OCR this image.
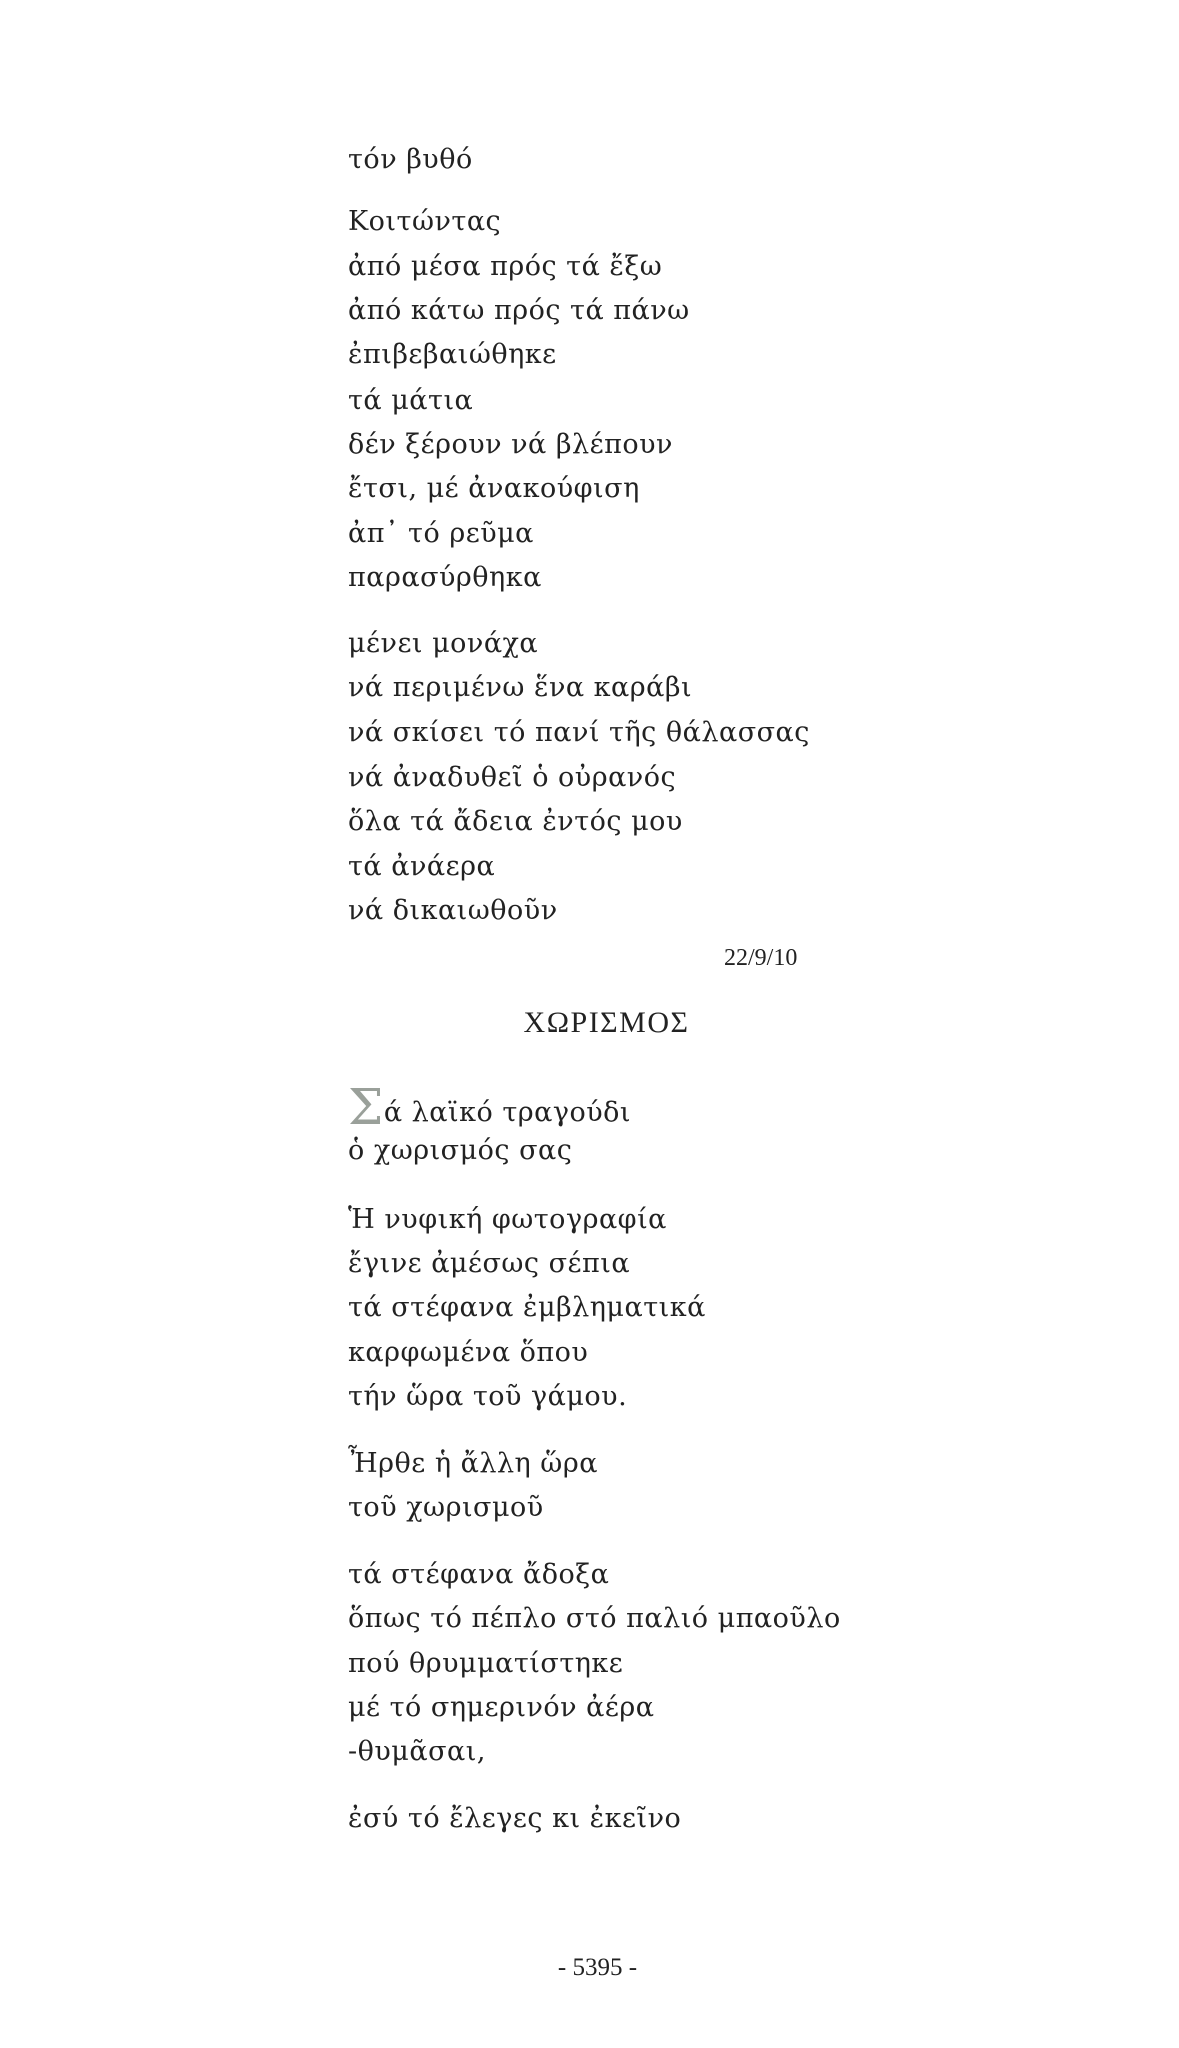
τόν βυθό
Κοιτώντας
ἀπό μέσα πρός τά ἔξω
ἀπό κάτω πρός τά πάνω
ἐπιβεβαιώθηκε
τά μάτια
δέν ξέρουν νά βλέπουν
ἔτσι, μέ ἀνακούφιση
ἀπ᾽ τό ρεῦμα
παρασύρθηκα
μένει μονάχα
νά περιμένω ἕνα καράβι
νά σκίσει τό πανί τῆς θάλασσας
νά ἀναδυθεῖ ὁ οὐρανός
ὅλα τά ἄδεια ἐντός μου
τά ἀνάερα
νά δικαιωθοῦν
22/9/10
ΧΩΡΙΣΜΟΣ
Σά λαϊκό τραγούδι
ὁ χωρισμός σας
Ἡ νυφική φωτογραφία
ἔγινε ἀμέσως σέπια
τά στέφανα ἐμβληματικά
καρφωμένα ὅπου
τήν ὥρα τοῦ γάμου.
Ἦρθε ἡ ἄλλη ὥρα
τοῦ χωρισμοῦ
τά στέφανα ἄδοξα
ὅπως τό πέπλο στό παλιό μπαοῦλο
πού θρυμματίστηκε
μέ τό σημερινόν ἀέρα
-θυμᾶσαι,
ἐσύ τό ἔλεγες κι ἐκεῖνο
- 5395 -
